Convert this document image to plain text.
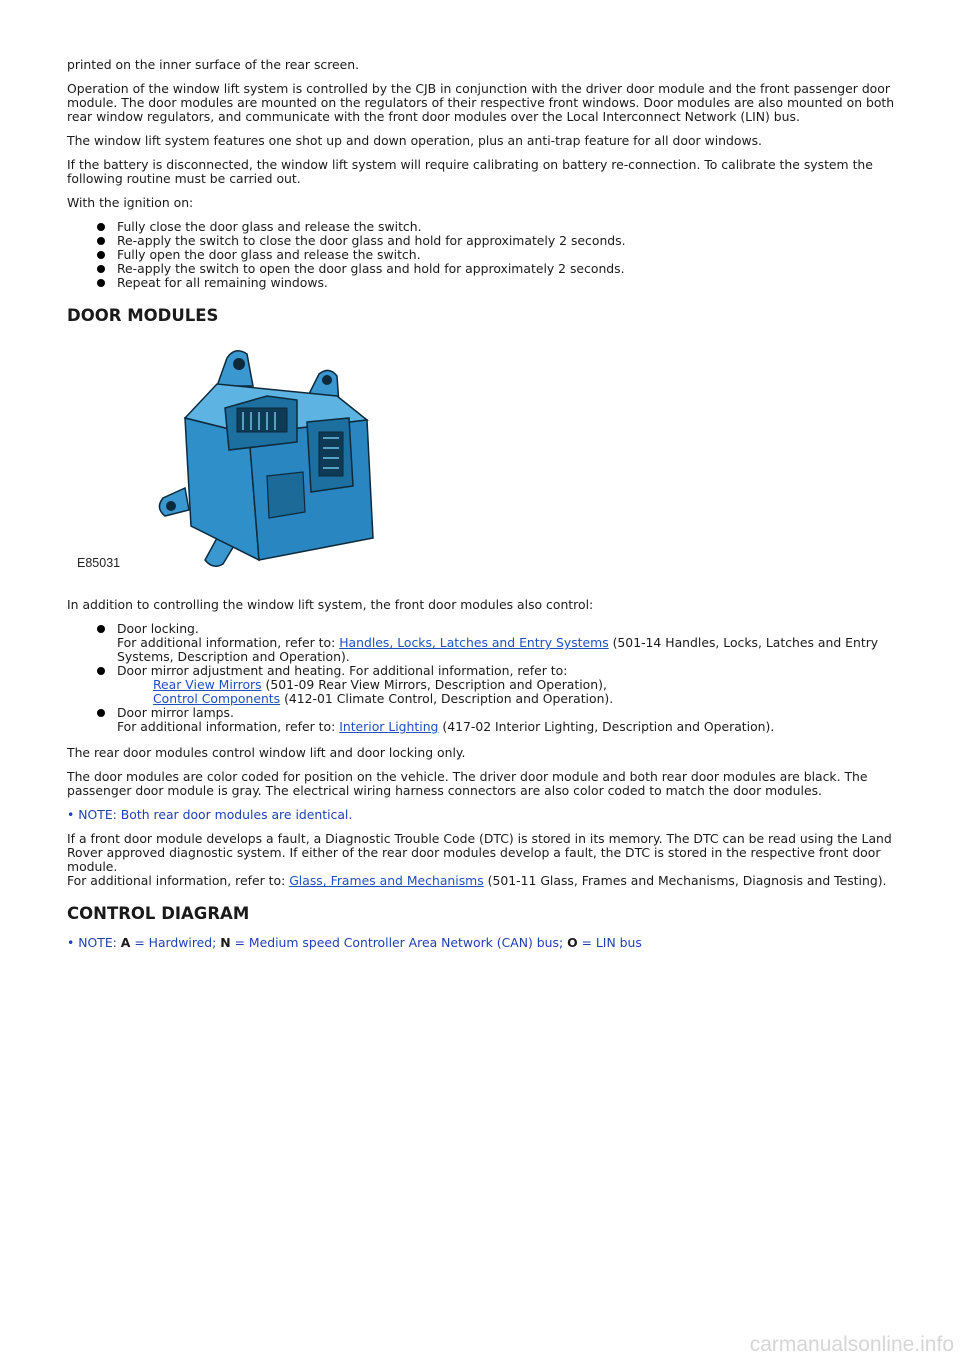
printed on the inner surface of the rear screen.

Operation of the window lift system is controlled by the CJB in conjunction with the driver door module and the front passenger door module. The door modules are mounted on the regulators of their respective front windows. Door modules are also mounted on both rear window regulators, and communicate with the front door modules over the Local Interconnect Network (LIN) bus.

The window lift system features one shot up and down operation, plus an anti-trap feature for all door windows.

If the battery is disconnected, the window lift system will require calibrating on battery re-connection. To calibrate the system the following routine must be carried out.

With the ignition on:

Fully close the door glass and release the switch.
Re-apply the switch to close the door glass and hold for approximately 2 seconds.
Fully open the door glass and release the switch.
Re-apply the switch to open the door glass and hold for approximately 2 seconds.
Repeat for all remaining windows.
DOOR MODULES
E85031

In addition to controlling the window lift system, the front door modules also control:

Door locking.
For additional information, refer to: Handles, Locks, Latches and Entry Systems (501-14 Handles, Locks, Latches and Entry Systems, Description and Operation).
Door mirror adjustment and heating. For additional information, refer to:

Rear View Mirrors (501-09 Rear View Mirrors, Description and Operation),
Control Components (412-01 Climate Control, Description and Operation).
Door mirror lamps.
For additional information, refer to: Interior Lighting (417-02 Interior Lighting, Description and Operation).

The rear door modules control window lift and door locking only.

The door modules are color coded for position on the vehicle. The driver door module and both rear door modules are black. The passenger door module is gray. The electrical wiring harness connectors are also color coded to match the door modules.

• NOTE: Both rear door modules are identical.

If a front door module develops a fault, a Diagnostic Trouble Code (DTC) is stored in its memory. The DTC can be read using the Land Rover approved diagnostic system. If either of the rear door modules develop a fault, the DTC is stored in the respective front door module.
For additional information, refer to: Glass, Frames and Mechanisms (501-11 Glass, Frames and Mechanisms, Diagnosis and Testing).

CONTROL DIAGRAM

• NOTE: A = Hardwired; N = Medium speed Controller Area Network (CAN) bus; O = LIN bus

carmanualsonline.info
